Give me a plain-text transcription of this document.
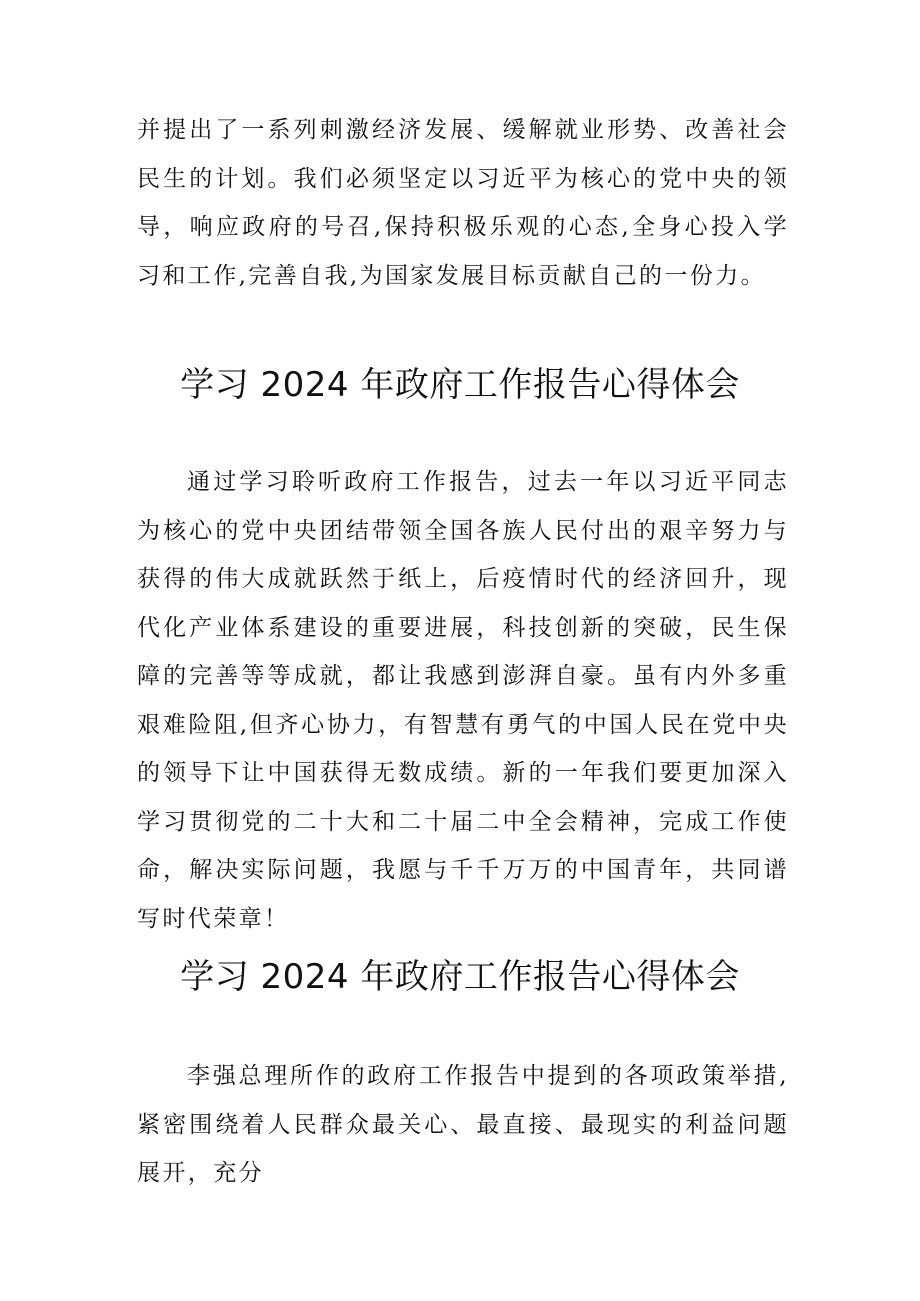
并提出了一系列刺激经济发展、缓解就业形势、改善社会民生的计划。我们必须坚定以习近平为核心的党中央的领导，响应政府的号召,保持积极乐观的心态,全身心投入学习和工作,完善自我,为国家发展目标贡献自己的一份力。

学习 2024 年政府工作报告心得体会

通过学习聆听政府工作报告，过去一年以习近平同志为核心的党中央团结带领全国各族人民付出的艰辛努力与获得的伟大成就跃然于纸上，后疫情时代的经济回升，现代化产业体系建设的重要进展，科技创新的突破，民生保障的完善等等成就，都让我感到澎湃自豪。虽有内外多重艰难险阻,但齐心协力，有智慧有勇气的中国人民在党中央的领导下让中国获得无数成绩。新的一年我们要更加深入学习贯彻党的二十大和二十届二中全会精神，完成工作使命，解决实际问题，我愿与千千万万的中国青年，共同谱写时代荣章！

学习 2024 年政府工作报告心得体会

李强总理所作的政府工作报告中提到的各项政策举措,紧密围绕着人民群众最关心、最直接、最现实的利益问题展开，充分
